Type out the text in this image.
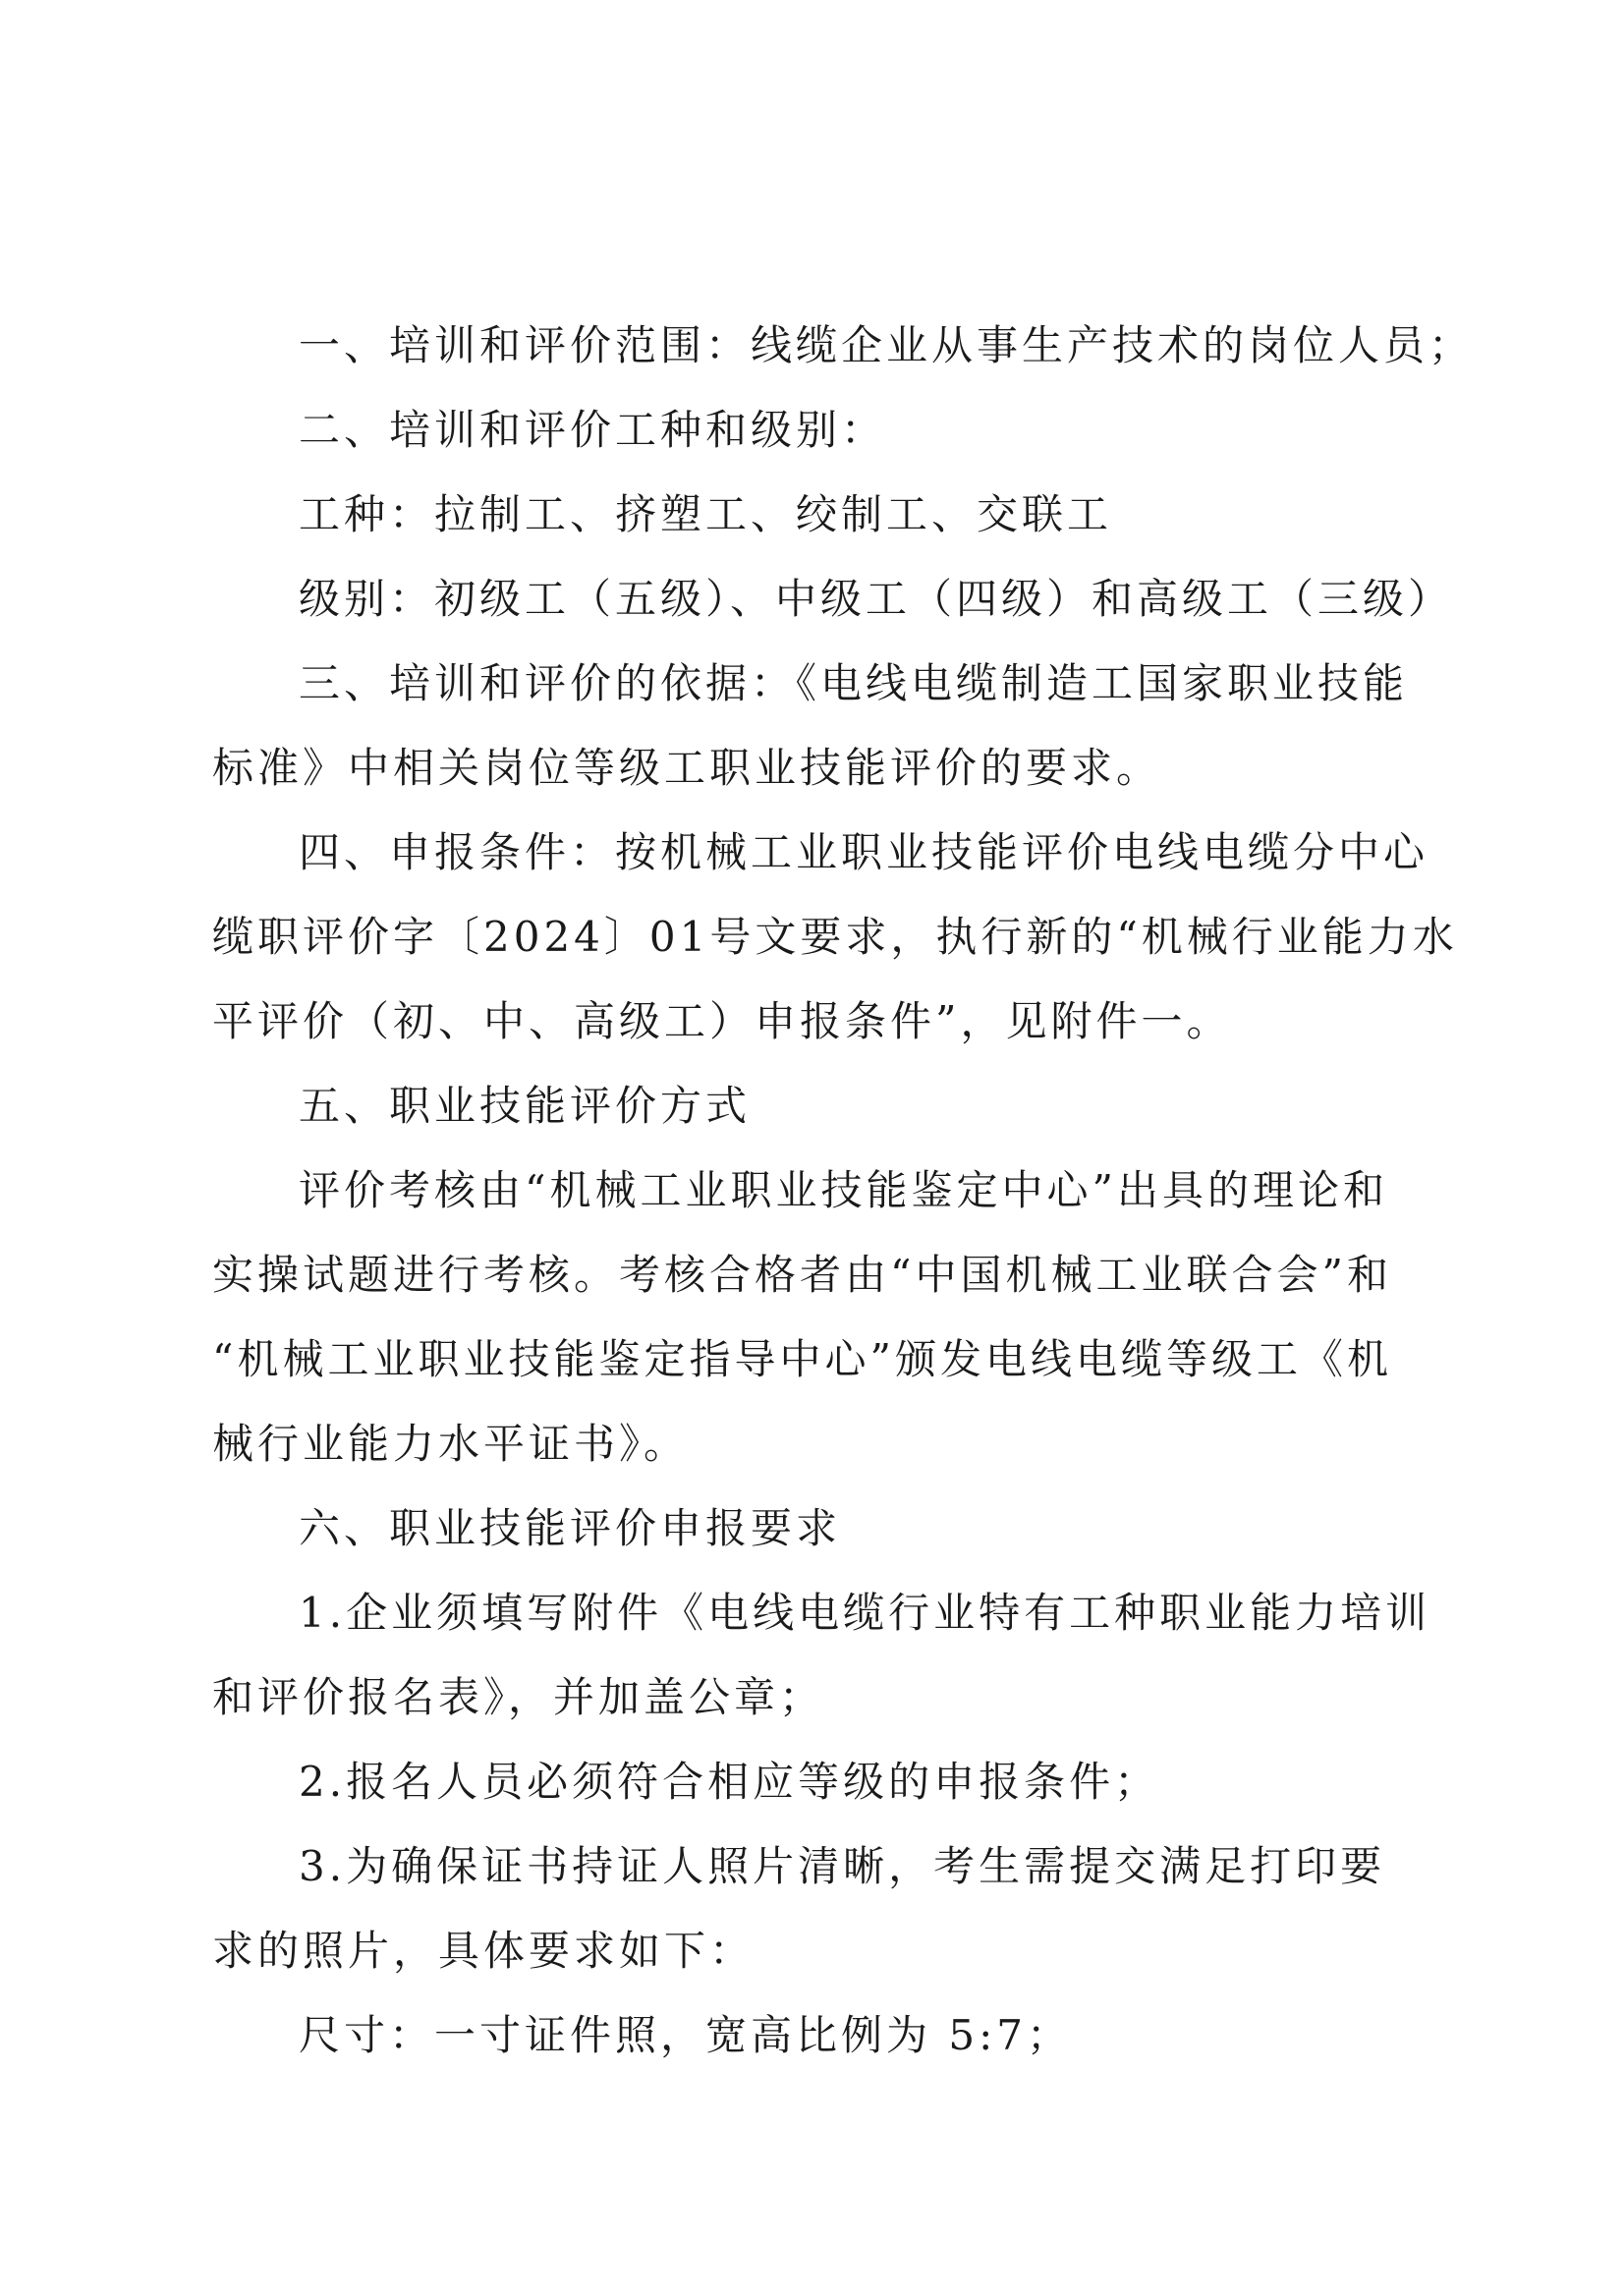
一、培训和评价范围：线缆企业从事生产技术的岗位人员；
二、培训和评价工种和级别：
工种：拉制工、挤塑工、绞制工、交联工
级别：初级工（五级）、中级工（四级）和高级工（三级）
三、培训和评价的依据：《电线电缆制造工国家职业技能
标准》中相关岗位等级工职业技能评价的要求。
四、申报条件：按机械工业职业技能评价电线电缆分中心
缆职评价字〔2024〕01号文要求，执行新的“机械行业能力水
平评价（初、中、高级工）申报条件”，见附件一。
五、职业技能评价方式
评价考核由“机械工业职业技能鉴定中心”出具的理论和
实操试题进行考核。考核合格者由“中国机械工业联合会”和
“机械工业职业技能鉴定指导中心”颁发电线电缆等级工《机
械行业能力水平证书》。
六、职业技能评价申报要求
1.企业须填写附件《电线电缆行业特有工种职业能力培训
和评价报名表》，并加盖公章；
2.报名人员必须符合相应等级的申报条件；
3.为确保证书持证人照片清晰，考生需提交满足打印要
求的照片，具体要求如下：
尺寸：一寸证件照，宽高比例为 5:7；
